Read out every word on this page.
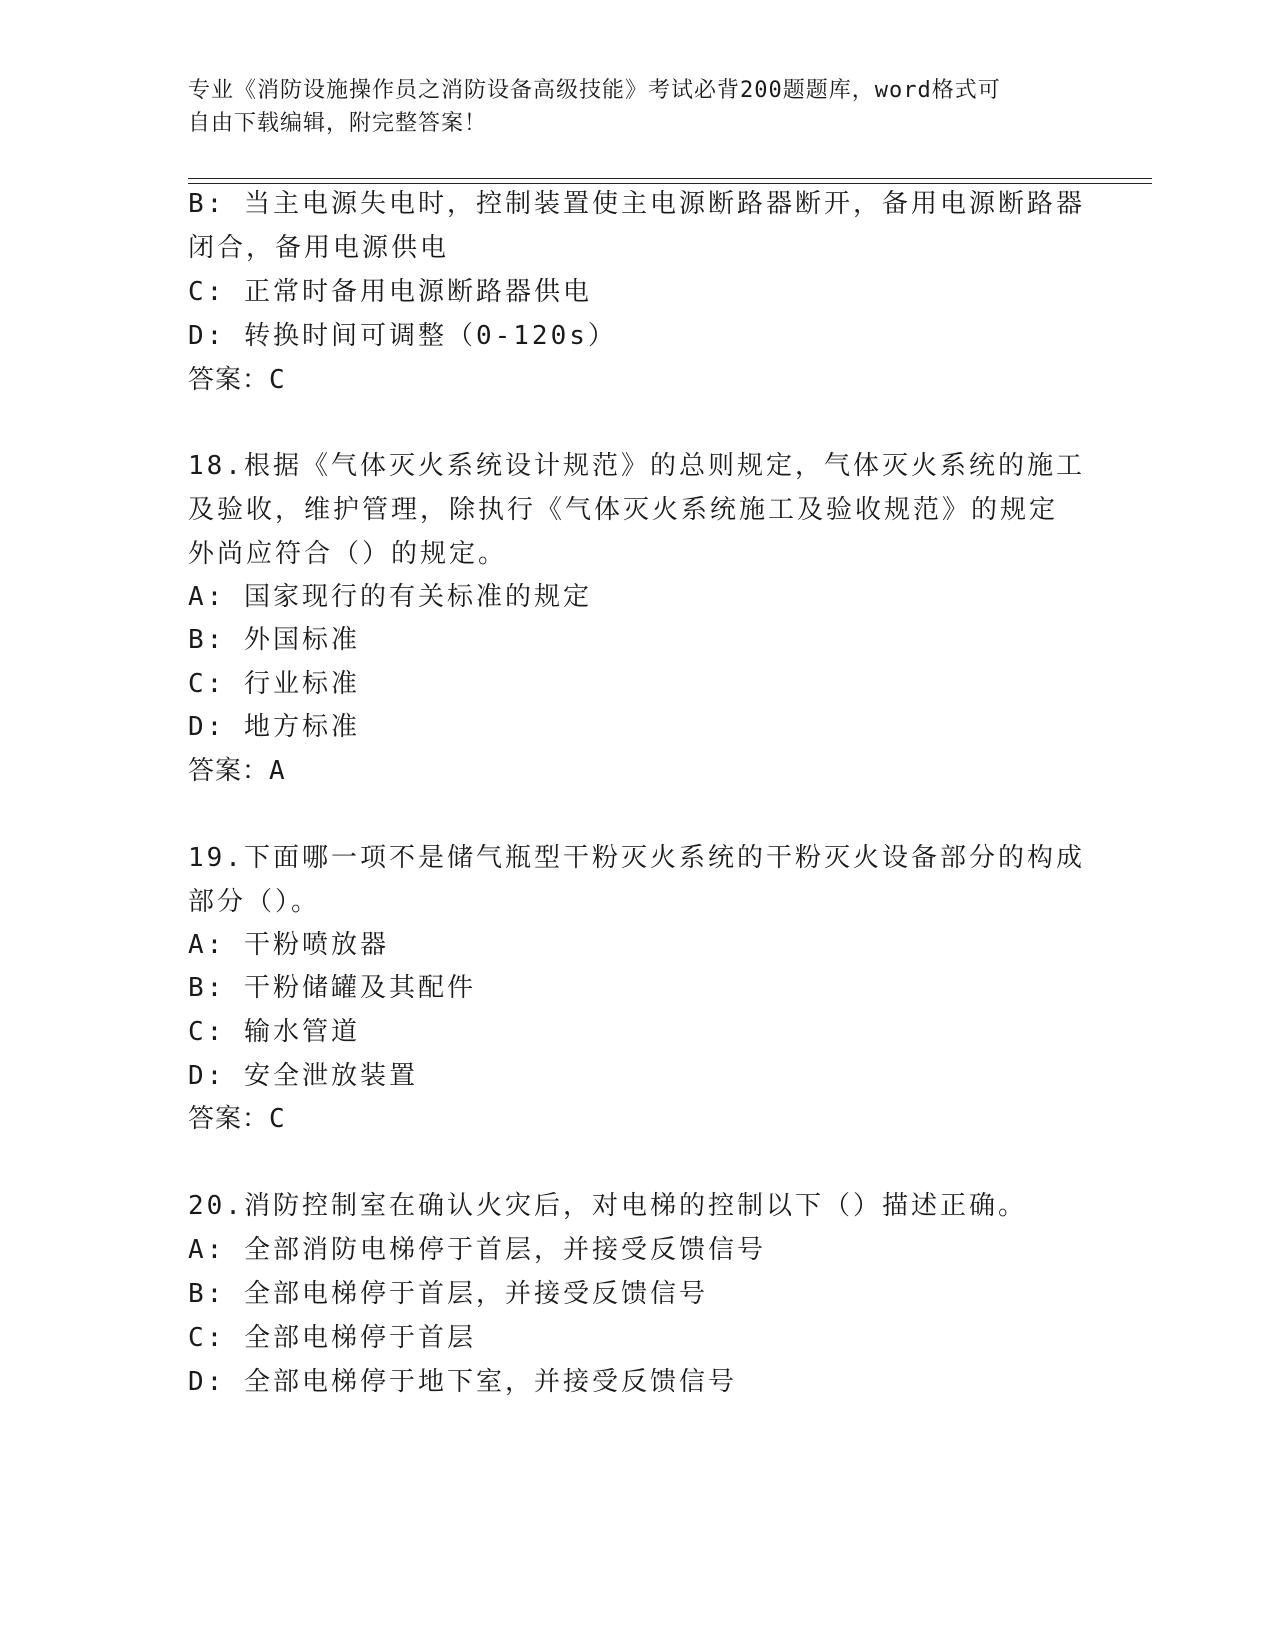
专业《消防设施操作员之消防设备高级技能》考试必背200题题库，word格式可
自由下载编辑，附完整答案！
B: 当主电源失电时，控制装置使主电源断路器断开，备用电源断路器
闭合，备用电源供电
C: 正常时备用电源断路器供电
D: 转换时间可调整（0-120s）
答案：C
18.根据《气体灭火系统设计规范》的总则规定，气体灭火系统的施工
及验收，维护管理，除执行《气体灭火系统施工及验收规范》的规定
外尚应符合（）的规定。
A: 国家现行的有关标准的规定
B: 外国标准
C: 行业标准
D: 地方标准
答案：A
19.下面哪一项不是储气瓶型干粉灭火系统的干粉灭火设备部分的构成
部分（）。
A: 干粉喷放器
B: 干粉储罐及其配件
C: 输水管道
D: 安全泄放装置
答案：C
20.消防控制室在确认火灾后，对电梯的控制以下（）描述正确。
A: 全部消防电梯停于首层，并接受反馈信号
B: 全部电梯停于首层，并接受反馈信号
C: 全部电梯停于首层
D: 全部电梯停于地下室，并接受反馈信号
